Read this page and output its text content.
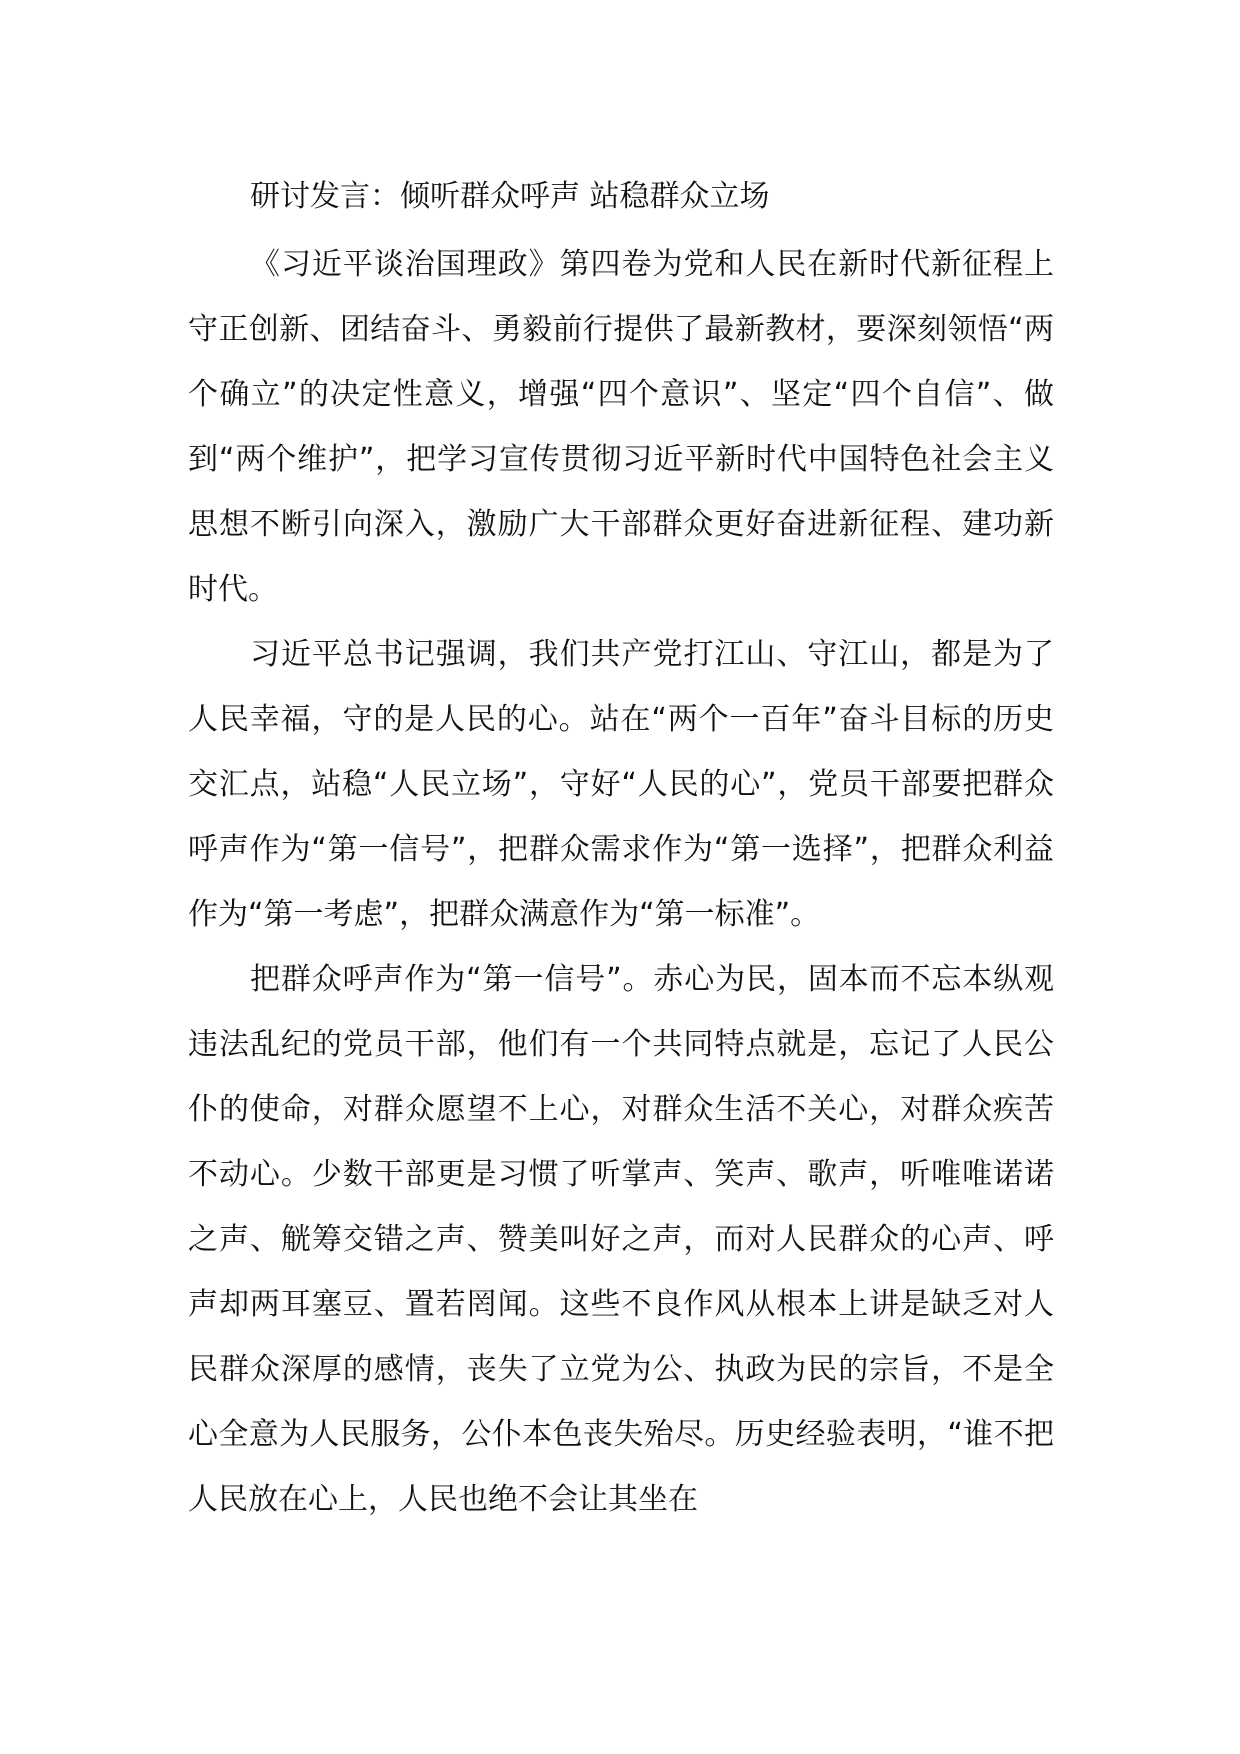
研讨发言：倾听群众呼声 站稳群众立场

《习近平谈治国理政》第四卷为党和人民在新时代新征程上守正创新、团结奋斗、勇毅前行提供了最新教材，要深刻领悟“两个确立”的决定性意义，增强“四个意识”、坚定“四个自信”、做到“两个维护”，把学习宣传贯彻习近平新时代中国特色社会主义思想不断引向深入，激励广大干部群众更好奋进新征程、建功新时代。

习近平总书记强调，我们共产党打江山、守江山，都是为了人民幸福，守的是人民的心。站在“两个一百年”奋斗目标的历史交汇点，站稳“人民立场”，守好“人民的心”，党员干部要把群众呼声作为“第一信号”，把群众需求作为“第一选择”，把群众利益作为“第一考虑”，把群众满意作为“第一标准”。

把群众呼声作为“第一信号”。赤心为民，固本而不忘本纵观违法乱纪的党员干部，他们有一个共同特点就是，忘记了人民公仆的使命，对群众愿望不上心，对群众生活不关心，对群众疾苦不动心。少数干部更是习惯了听掌声、笑声、歌声，听唯唯诺诺之声、觥筹交错之声、赞美叫好之声，而对人民群众的心声、呼声却两耳塞豆、置若罔闻。这些不良作风从根本上讲是缺乏对人民群众深厚的感情，丧失了立党为公、执政为民的宗旨，不是全心全意为人民服务，公仆本色丧失殆尽。历史经验表明，“谁不把人民放在心上，人民也绝不会让其坐在
